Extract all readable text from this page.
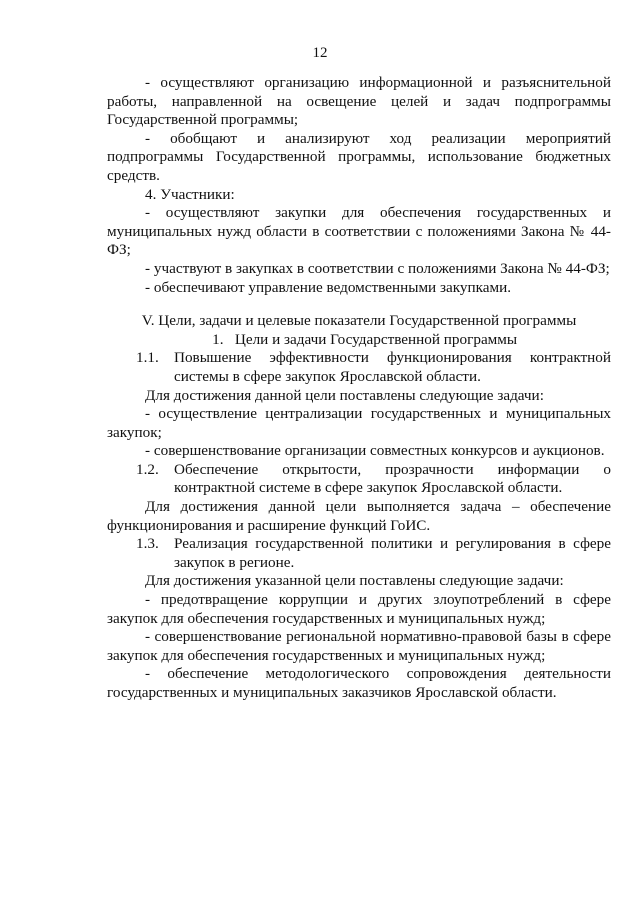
12

- осуществляют организацию информационной и разъяснительной работы, направленной на освещение целей и задач подпрограммы Государственной программы;

- обобщают и анализируют ход реализации мероприятий подпрограммы Государственной программы, использование бюджетных средств.

4. Участники:

- осуществляют закупки для обеспечения государственных и муниципальных нужд области в соответствии с положениями Закона № 44-ФЗ;

- участвуют в закупках в соответствии с положениями Закона № 44-ФЗ;

- обеспечивают управление ведомственными закупками.

V. Цели, задачи и целевые показатели Государственной программы

1. Цели и задачи Государственной программы

1.1. Повышение эффективности функционирования контрактной системы в сфере закупок Ярославской области.

Для достижения данной цели поставлены следующие задачи:

- осуществление централизации государственных и муниципальных закупок;

- совершенствование организации совместных конкурсов и аукционов.

1.2. Обеспечение открытости, прозрачности информации о контрактной системе в сфере закупок Ярославской области.

Для достижения данной цели выполняется задача – обеспечение функционирования и расширение функций ГоИС.

1.3. Реализация государственной политики и регулирования в сфере закупок в регионе.

Для достижения указанной цели поставлены следующие задачи:

- предотвращение коррупции и других злоупотреблений в сфере закупок для обеспечения государственных и муниципальных нужд;

- совершенствование региональной нормативно-правовой базы в сфере закупок для обеспечения государственных и муниципальных нужд;

- обеспечение методологического сопровождения деятельности государственных и муниципальных заказчиков Ярославской области.
